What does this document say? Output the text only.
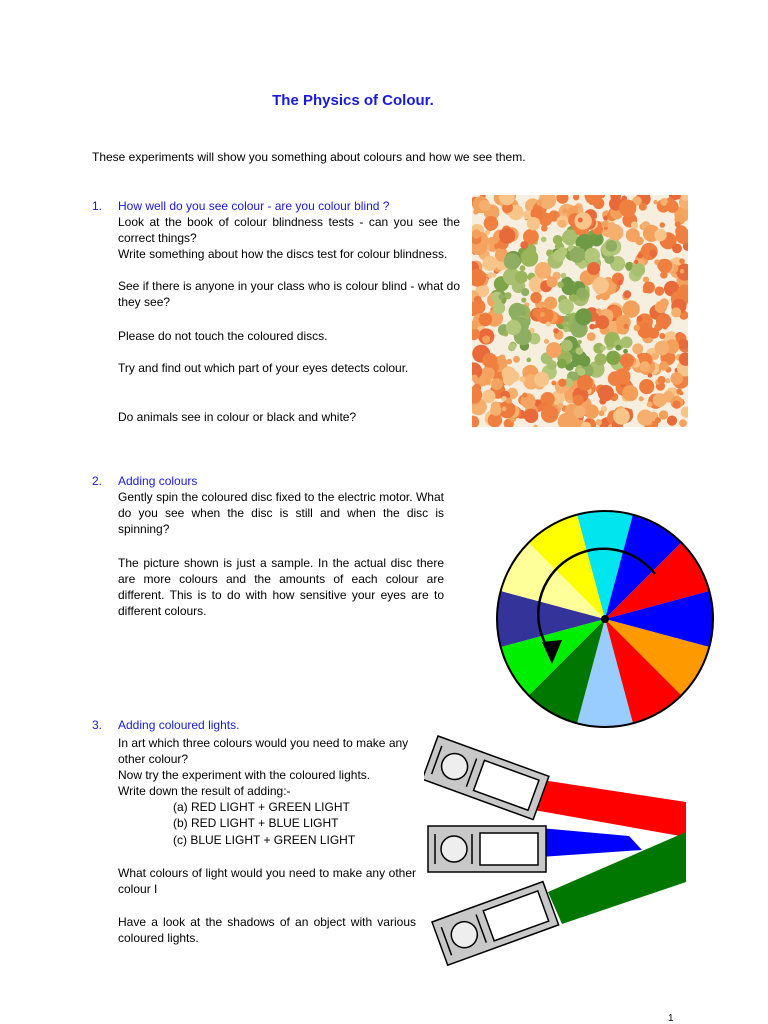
The Physics of Colour.
These experiments will show you something about colours and how we see them.
1. How well do you see colour - are you colour blind ?
Look at the book of colour blindness tests - can you see the correct things?
Write something about how the discs test for colour blindness.
See if there is anyone in your class who is colour blind - what do they see?
Please do not touch the coloured discs.
Try and find out which part of your eyes detects colour.
Do animals see in colour or black and white?
2. Adding colours
Gently spin the coloured disc fixed to the electric motor. What do you see when the disc is still and when the disc is spinning?
The picture shown is just a sample. In the actual disc there are more colours and the amounts of each colour are different. This is to do with how sensitive your eyes are to different colours.
3. Adding coloured lights.
In art which three colours would you need to make any other colour?
Now try the experiment with the coloured lights.
Write down the result of adding:-
(a) RED LIGHT + GREEN LIGHT
(b) RED LIGHT + BLUE LIGHT
(c) BLUE LIGHT + GREEN LIGHT
What colours of light would you need to make any other colour I
Have a look at the shadows of an object with various coloured lights.
1
